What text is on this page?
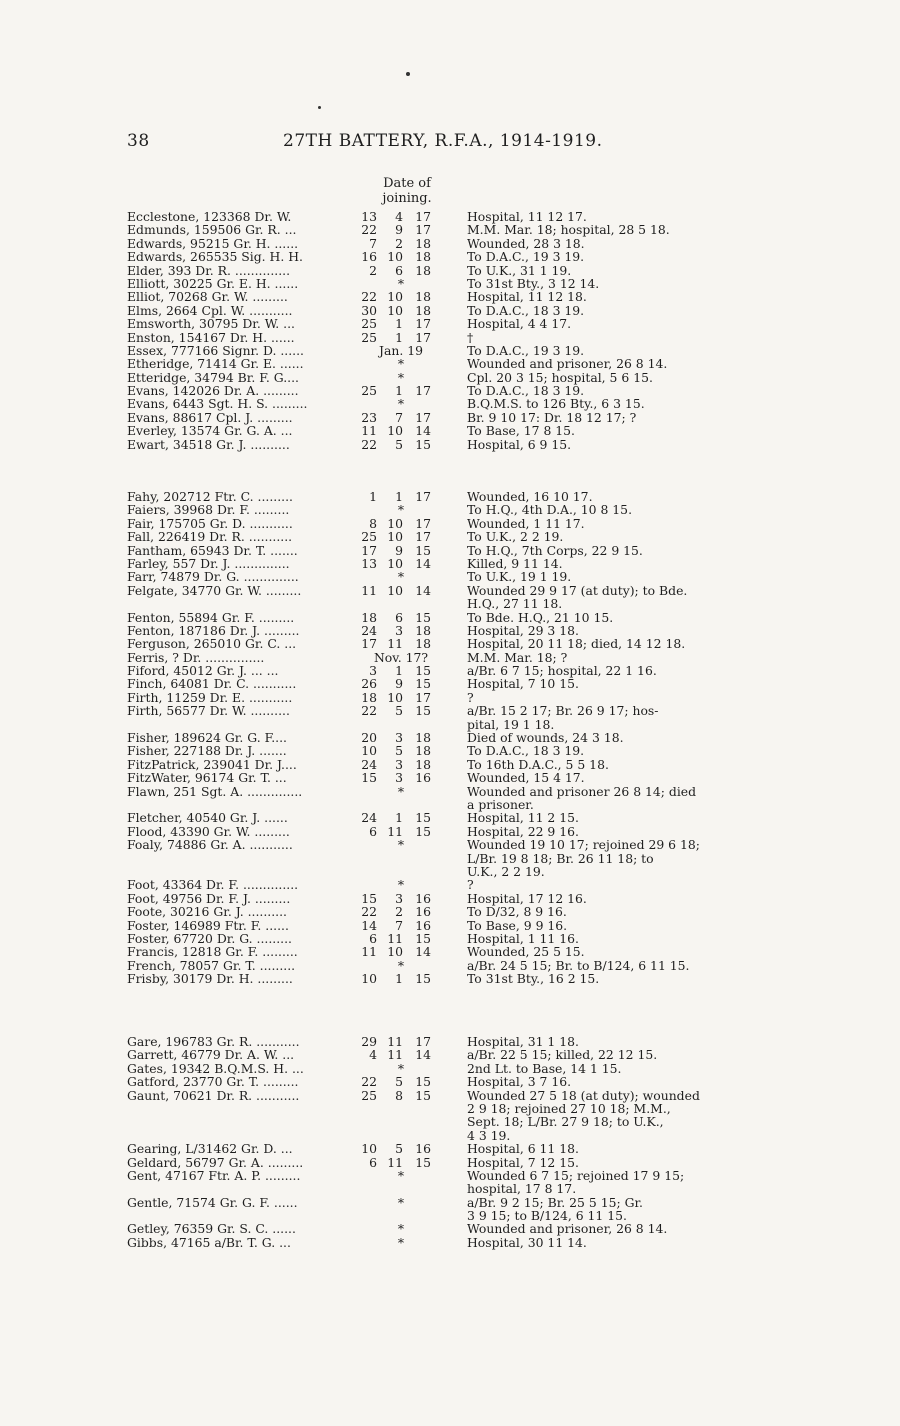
38	27TH BATTERY, R.F.A., 1914-1919.
Date of
joining.
Ecclestone, 123368 Dr. W.	13	4 17	Hospital, 11 12 17.
Edmunds, 159506 Gr. R. ...	22	9 17	M.M. Mar. 18; hospital, 28 5 18.
Edwards, 95215 Gr. H. ......	7	2 18	Wounded, 28 3 18.
Edwards, 265535 Sig. H. H.	16 10 18	To D.A.C., 19 3 19.
Elder, 393 Dr. R. ..............	2	6 18	To U.K., 31 1 19.
Elliott, 30225 Gr. E. H. ......	*	To 31st Bty., 3 12 14.
Elliot, 70268 Gr. W. .........	22 10 18	Hospital, 11 12 18.
Elms, 2664 Cpl. W. ...........	30 10 18	To D.A.C., 18 3 19.
Emsworth, 30795 Dr. W. ...	25	1 17	Hospital, 4 4 17.
Enston, 154167 Dr. H. ......	25	1 17	†
Essex, 777166 Signr. D. ......	Jan. 19	To D.A.C., 19 3 19.
Etheridge, 71414 Gr. E. ......	*	Wounded and prisoner, 26 8 14.
Etteridge, 34794 Br. F. G....	*	Cpl. 20 3 15; hospital, 5 6 15.
Evans, 142026 Dr. A. .........	25	1 17	To D.A.C., 18 3 19.
Evans, 6443 Sgt. H. S. .........	*	B.Q.M.S. to 126 Bty., 6 3 15.
Evans, 88617 Cpl. J. .........	23	7 17	Br. 9 10 17: Dr. 18 12 17; ?
Everley, 13574 Gr. G. A. ...	11 10 14	To Base, 17 8 15.
Ewart, 34518 Gr. J. ..........	22	5 15	Hospital, 6 9 15.
Fahy, 202712 Ftr. C. .........	1	1 17	Wounded, 16 10 17.
Faiers, 39968 Dr. F. .........	*	To H.Q., 4th D.A., 10 8 15.
Fair, 175705 Gr. D. ...........	8 10 17	Wounded, 1 11 17.
Fall, 226419 Dr. R. ...........	25 10 17	To U.K., 2 2 19.
Fantham, 65943 Dr. T. .......	17	9 15	To H.Q., 7th Corps, 22 9 15.
Farley, 557 Dr. J. ..............	13 10 14	Killed, 9 11 14.
Farr, 74879 Dr. G. ..............	*	To U.K., 19 1 19.
Felgate, 34770 Gr. W. .........	11 10 14	Wounded 29 9 17 (at duty); to Bde.
H.Q., 27 11 18.
Fenton, 55894 Gr. F. .........	18	6 15	To Bde. H.Q., 21 10 15.
Fenton, 187186 Dr. J. .........	24	3 18	Hospital, 29 3 18.
Ferguson, 265010 Gr. C. ...	17 11 18	Hospital, 20 11 18; died, 14 12 18.
Ferris, ? Dr. ...............	Nov. 17?	M.M. Mar. 18; ?
Fiford, 45012 Gr. J. ... ...	3	1 15	a/Br. 6 7 15; hospital, 22 1 16.
Finch, 64081 Dr. C. ...........	26	9 15	Hospital, 7 10 15.
Firth, 11259 Dr. E. ...........	18 10 17	?
Firth, 56577 Dr. W. ..........	22	5 15	a/Br. 15 2 17; Br. 26 9 17; hos-
pital, 19 1 18.
Fisher, 189624 Gr. G. F....	20	3 18	Died of wounds, 24 3 18.
Fisher, 227188 Dr. J. .......	10	5 18	To D.A.C., 18 3 19.
FitzPatrick, 239041 Dr. J....	24	3 18	To 16th D.A.C., 5 5 18.
FitzWater, 96174 Gr. T. ...	15	3 16	Wounded, 15 4 17.
Flawn, 251 Sgt. A. ..............	*	Wounded and prisoner 26 8 14; died
a prisoner.
Fletcher, 40540 Gr. J. ......	24	1 15	Hospital, 11 2 15.
Flood, 43390 Gr. W. .........	6 11 15	Hospital, 22 9 16.
Foaly, 74886 Gr. A. ...........	*	Wounded 19 10 17; rejoined 29 6 18;
L/Br. 19 8 18; Br. 26 11 18; to
U.K., 2 2 19.
Foot, 43364 Dr. F. ..............	*	?
Foot, 49756 Dr. F. J. .........	15	3 16	Hospital, 17 12 16.
Foote, 30216 Gr. J. ..........	22	2 16	To D/32, 8 9 16.
Foster, 146989 Ftr. F. ......	14	7 16	To Base, 9 9 16.
Foster, 67720 Dr. G. .........	6 11 15	Hospital, 1 11 16.
Francis, 12818 Gr. F. .........	11 10 14	Wounded, 25 5 15.
French, 78057 Gr. T. .........	*	a/Br. 24 5 15; Br. to B/124, 6 11 15.
Frisby, 30179 Dr. H. .........	10	1 15	To 31st Bty., 16 2 15.
Gare, 196783 Gr. R. ...........	29 11 17	Hospital, 31 1 18.
Garrett, 46779 Dr. A. W. ...	4 11 14	a/Br. 22 5 15; killed, 22 12 15.
Gates, 19342 B.Q.M.S. H. ...	*	2nd Lt. to Base, 14 1 15.
Gatford, 23770 Gr. T. .........	22	5 15	Hospital, 3 7 16.
Gaunt, 70621 Dr. R. ...........	25	8 15	Wounded 27 5 18 (at duty); wounded
2 9 18; rejoined 27 10 18; M.M.,
Sept. 18; L/Br. 27 9 18; to U.K.,
4 3 19.
Gearing, L/31462 Gr. D. ...	10	5 16	Hospital, 6 11 18.
Geldard, 56797 Gr. A. .........	6 11 15	Hospital, 7 12 15.
Gent, 47167 Ftr. A. P. .........	*	Wounded 6 7 15; rejoined 17 9 15;
hospital, 17 8 17.
Gentle, 71574 Gr. G. F. ......	*	a/Br. 9 2 15; Br. 25 5 15; Gr.
3 9 15; to B/124, 6 11 15.
Getley, 76359 Gr. S. C. ......	*	Wounded and prisoner, 26 8 14.
Gibbs, 47165 a/Br. T. G. ...	*	Hospital, 30 11 14.
